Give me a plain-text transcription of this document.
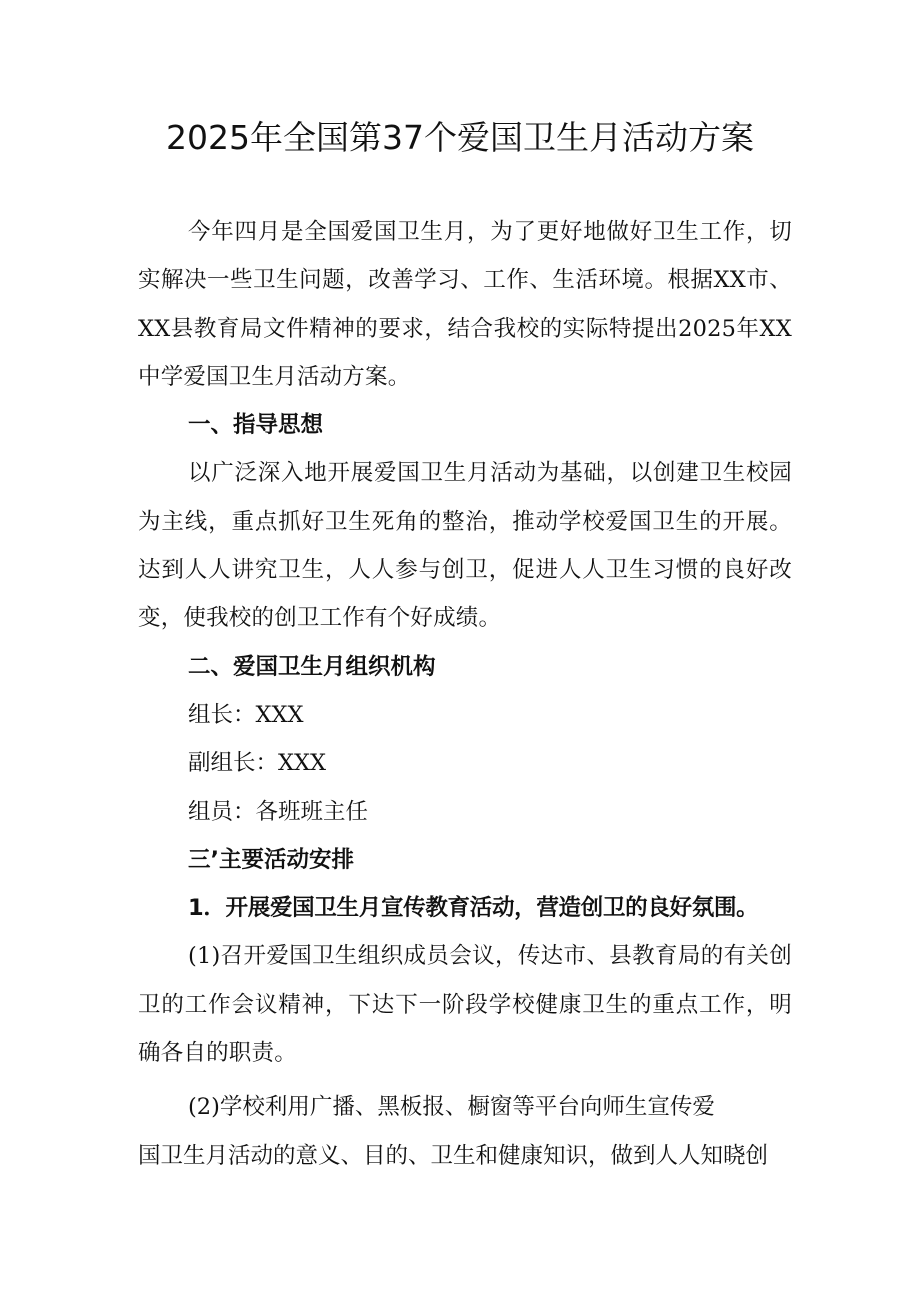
2025年全国第37个爱国卫生月活动方案

今年四月是全国爱国卫生月，为了更好地做好卫生工作，切实解决一些卫生问题，改善学习、工作、生活环境。根据XX市、XX县教育局文件精神的要求，结合我校的实际特提出2025年XX中学爱国卫生月活动方案。

一、指导思想

以广泛深入地开展爱国卫生月活动为基础，以创建卫生校园为主线，重点抓好卫生死角的整治，推动学校爱国卫生的开展。达到人人讲究卫生，人人参与创卫，促进人人卫生习惯的良好改变，使我校的创卫工作有个好成绩。

二、爱国卫生月组织机构

组长：XXX

副组长：XXX

组员：各班班主任

三’主要活动安排

1．开展爱国卫生月宣传教育活动，营造创卫的良好氛围。

(1)召开爱国卫生组织成员会议，传达市、县教育局的有关创卫的工作会议精神，下达下一阶段学校健康卫生的重点工作，明确各自的职责。

(2)学校利用广播、黑板报、橱窗等平台向师生宣传爱

国卫生月活动的意义、目的、卫生和健康知识，做到人人知晓创
